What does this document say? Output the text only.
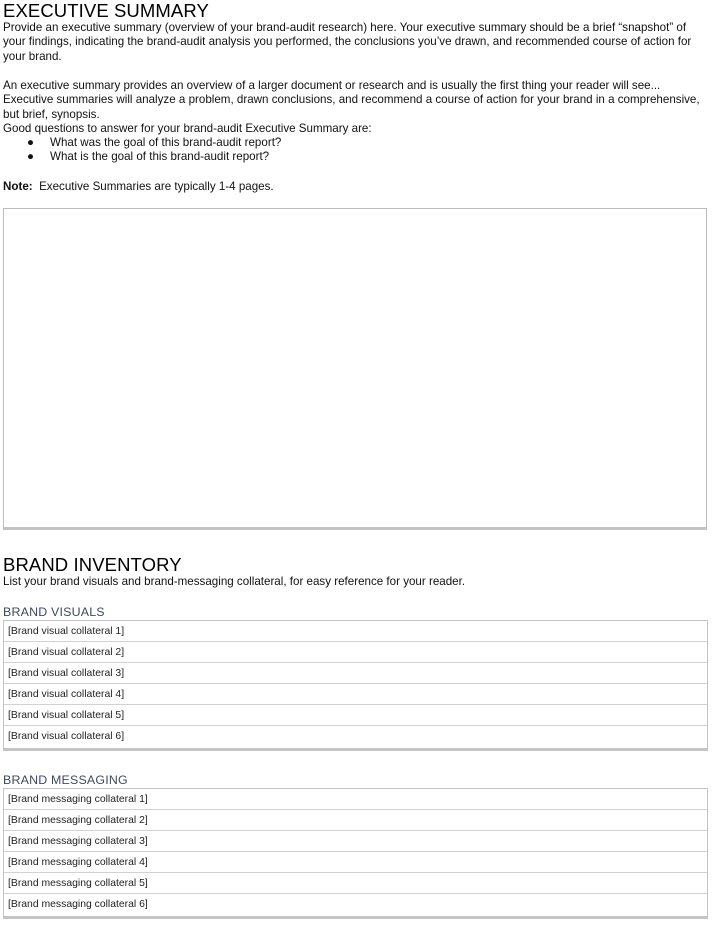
EXECUTIVE SUMMARY
Provide an executive summary (overview of your brand-audit research) here. Your executive summary should be a brief “snapshot” of your findings, indicating the brand-audit analysis you performed, the conclusions you’ve drawn, and recommended course of action for your brand.
An executive summary provides an overview of a larger document or research and is usually the first thing your reader will see... Executive summaries will analyze a problem, drawn conclusions, and recommend a course of action for your brand in a comprehensive, but brief, synopsis.
Good questions to answer for your brand-audit Executive Summary are:
● What was the goal of this brand-audit report?
● What is the goal of this brand-audit report?
Note: Executive Summaries are typically 1-4 pages.
BRAND INVENTORY
List your brand visuals and brand-messaging collateral, for easy reference for your reader.
BRAND VISUALS
[Brand visual collateral 1]
[Brand visual collateral 2]
[Brand visual collateral 3]
[Brand visual collateral 4]
[Brand visual collateral 5]
[Brand visual collateral 6]
BRAND MESSAGING
[Brand messaging collateral 1]
[Brand messaging collateral 2]
[Brand messaging collateral 3]
[Brand messaging collateral 4]
[Brand messaging collateral 5]
[Brand messaging collateral 6]
